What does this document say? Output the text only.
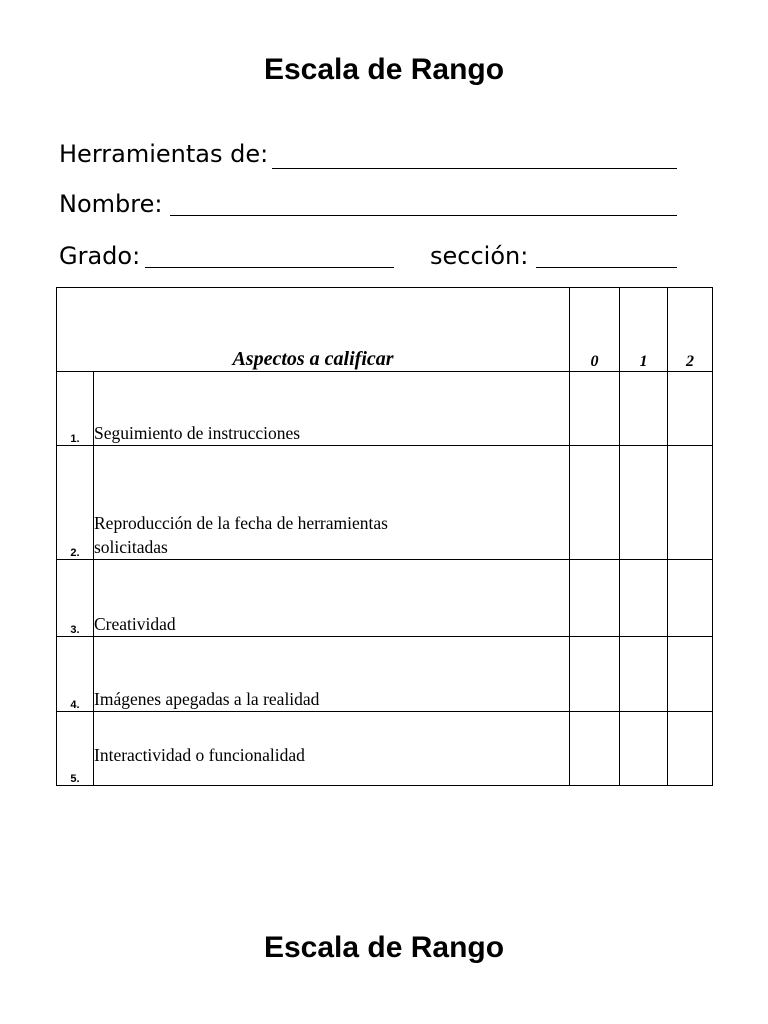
Escala de Rango
Herramientas de:
Nombre:
Grado:	sección:
Aspectos a calificar		0	1	2
1.	Seguimiento de instrucciones			
2.	Reproducción de la fecha de herramientas solicitadas			
3.	Creatividad			
4.	Imágenes apegadas a la realidad			
5.	Interactividad o funcionalidad			
Escala de Rango
